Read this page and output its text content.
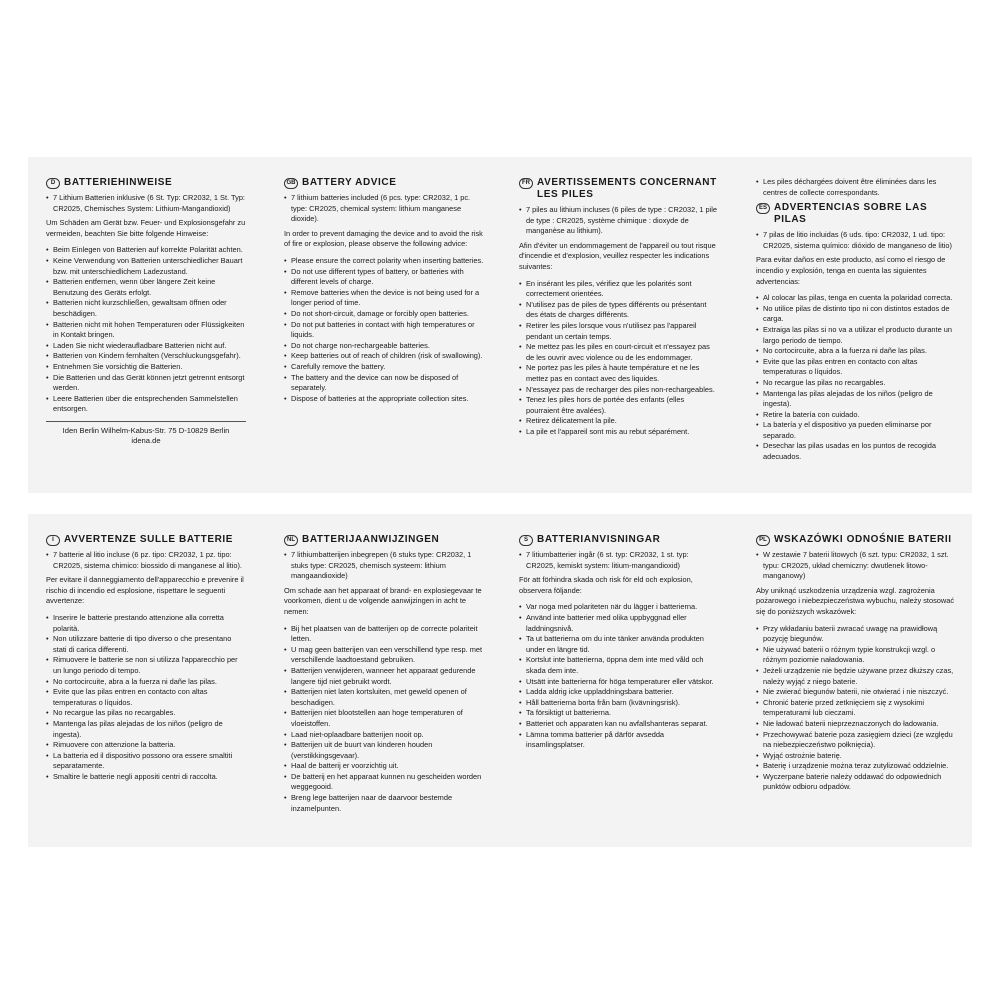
D BATTERIEHINWEISE
• 7 Lithium Batterien inklusive (6 St. Typ: CR2032, 1 St. Typ: CR2025, Chemisches System: Lithium-Mangandioxid)

Um Schäden am Gerät bzw. Feuer- und Explosionsgefahr zu vermeiden, beachten Sie bitte folgende Hinweise:

• Beim Einlegen von Batterien auf korrekte Polarität achten.
• Keine Verwendung von Batterien unterschiedlicher Bauart bzw. mit unterschiedlichem Ladezustand.
• Batterien entfernen, wenn über längere Zeit keine Benutzung des Geräts erfolgt.
• Batterien nicht kurzschließen, gewaltsam öffnen oder beschädigen.
• Batterien nicht mit hohen Temperaturen oder Flüssigkeiten in Kontakt bringen.
• Laden Sie nicht wiederaufladbare Batterien nicht auf.
• Batterien von Kindern fernhalten (Verschluckungsgefahr).
• Entnehmen Sie vorsichtig die Batterien.
• Die Batterien und das Gerät können jetzt getrennt entsorgt werden.
• Leere Batterien über die entsprechenden Sammelstellen entsorgen.
Iden Berlin Wilhelm-Kabus-Str. 75 D-10829 Berlin
idena.de
GB BATTERY ADVICE
• 7 lithium batteries included (6 pcs. type: CR2032, 1 pc. type: CR2025, chemical system: lithium manganese dioxide).

In order to prevent damaging the device and to avoid the risk of fire or explosion, please observe the following advice:

• Please ensure the correct polarity when inserting batteries.
• Do not use different types of battery, or batteries with different levels of charge.
• Remove batteries when the device is not being used for a longer period of time.
• Do not short-circuit, damage or forcibly open batteries.
• Do not put batteries in contact with high temperatures or liquids.
• Do not charge non-rechargeable batteries.
• Keep batteries out of reach of children (risk of swallowing).
• Carefully remove the battery.
• The battery and the device can now be disposed of separately.
• Dispose of batteries at the appropriate collection sites.
FR AVERTISSEMENTS CONCERNANT LES PILES
• 7 piles au lithium incluses (6 piles de type : CR2032, 1 pile de type : CR2025, système chimique : dioxyde de manganèse au lithium).

Afin d'éviter un endommagement de l'appareil ou tout risque d'incendie et d'explosion, veuillez respecter les indications suivantes:

• En insérant les piles, vérifiez que les polarités sont correctement orientées.
• N'utilisez pas de piles de types différents ou présentant des états de charges différents.
• Retirer les piles lorsque vous n'utilisez pas l'appareil pendant un certain temps.
• Ne mettez pas les piles en court-circuit et n'essayez pas de les ouvrir avec violence ou de les endommager.
• Ne portez pas les piles à haute température et ne les mettez pas en contact avec des liquides.
• N'essayez pas de recharger des piles non-rechargeables.
• Tenez les piles hors de portée des enfants (elles pourraient être avalées).
• Retirez délicatement la pile.
• La pile et l'appareil sont mis au rebut séparément.
• Les piles déchargées doivent être éliminées dans les centres de collecte correspondants.
ES ADVERTENCIAS SOBRE LAS PILAS
• 7 pilas de litio incluidas (6 uds. tipo: CR2032, 1 ud. tipo: CR2025, sistema químico: dióxido de manganeso de litio)

Para evitar daños en este producto, así como el riesgo de incendio y explosión, tenga en cuenta las siguientes advertencias:

• Al colocar las pilas, tenga en cuenta la polaridad correcta.
• No utilice pilas de distinto tipo ni con distintos estados de carga.
• Extraiga las pilas si no va a utilizar el producto durante un largo periodo de tiempo.
• No cortocircuite, abra a la fuerza ni dañe las pilas.
• Evite que las pilas entren en contacto con altas temperaturas o líquidos.
• No recargue las pilas no recargables.
• Mantenga las pilas alejadas de los niños (peligro de ingesta).
• Retire la batería con cuidado.
• La batería y el dispositivo ya pueden eliminarse por separado.
• Desechar las pilas usadas en los puntos de recogida adecuados.
I	AVVERTENZE SULLE BATTERIE
• 7 batterie al litio incluse (6 pz. tipo: CR2032, 1 pz. tipo: CR2025, sistema chimico: biossido di manganese al litio).

Per evitare il danneggiamento dell'apparecchio e prevenire il rischio di incendio ed esplosione, rispettare le seguenti avvertenze:

• Inserire le batterie prestando attenzione alla corretta polarità.
• Non utilizzare batterie di tipo diverso o che presentano stati di carica differenti.
• Rimuovere le batterie se non si utilizza l'apparecchio per un lungo periodo di tempo.
• No cortocircuite, abra a la fuerza ni dañe las pilas.
• Evite que las pilas entren en contacto con altas temperaturas o líquidos.
• No recargue las pilas no recargables.
• Mantenga las pilas alejadas de los niños (peligro de ingesta).
• Rimuovere con attenzione la batteria.
• La batteria ed il dispositivo possono ora essere smaltiti separatamente.
• Smaltire le batterie negli appositi centri di raccolta.
NL BATTERIJAANWIJZINGEN
• 7 lithiumbatterijen inbegrepen (6 stuks type: CR2032, 1 stuks type: CR2025, chemisch systeem: lithium mangaandioxide)

Om schade aan het apparaat of brand- en explosiegevaar te voorkomen, dient u de volgende aanwijzingen in acht te nemen:

• Bij het plaatsen van de batterijen op de correcte polariteit letten.
• U mag geen batterijen van een verschillend type resp. met verschillende laadtoestand gebruiken.
• Batterijen verwijderen, wanneer het apparaat gedurende langere tijd niet gebruikt wordt.
• Batterijen niet laten kortsluiten, met geweld openen of beschadigen.
• Batterijen niet blootstellen aan hoge temperaturen of vloeistoffen.
• Laad niet-oplaadbare batterijen nooit op.
• Batterijen uit de buurt van kinderen houden (verstikkingsgevaar).
• Haal de batterij er voorzichtig uit.
• De batterij en het apparaat kunnen nu gescheiden worden weggegooid.
• Breng lege batterijen naar de daarvoor bestemde inzamelpunten.
S BATTERIANVISNINGAR
• 7 litiumbatterier ingår (6 st. typ: CR2032, 1 st. typ: CR2025, kemiskt system: litium-mangandioxid)

För att förhindra skada och risk för eld och explosion, observera följande:

• Var noga med polariteten när du lägger i batterierna.
• Använd inte batterier med olika uppbyggnad eller laddningsnivå.
• Ta ut batterierna om du inte tänker använda produkten under en längre tid.
• Kortslut inte batterierna, öppna dem inte med våld och skada dem inte.
• Utsätt inte batterierna för höga temperaturer eller vätskor.
• Ladda aldrig icke uppladdningsbara batterier.
• Håll batterierna borta från barn (kvävningsrisk).
• Ta försiktigt ut batterierna.
• Batteriet och apparaten kan nu avfallshanteras separat.
• Lämna tomma batterier på därför avsedda insamlingsplatser.
PL WSKAZÓWKI ODNOŚNIE BATERII
• W zestawie 7 baterii litowych (6 szt. typu: CR2032, 1 szt. typu: CR2025, układ chemiczny: dwutlenek litowo-manganowy)

Aby uniknąć uszkodzenia urządzenia wzgl. zagrożenia pożarowego i niebezpieczeństwa wybuchu, należy stosować się do poniższych wskazówek:

• Przy wkładaniu baterii zwracać uwagę na prawidłową pozycję biegunów.
• Nie używać baterii o różnym typie konstrukcji wzgl. o różnym poziomie naładowania.
• Jeżeli urządzenie nie będzie używane przez dłuższy czas, należy wyjąć z niego baterie.
• Nie zwierać biegunów baterii, nie otwierać i nie niszczyć.
• Chronić baterie przed zetknięciem się z wysokimi temperaturami lub cieczami.
• Nie ładować baterii nieprzeznaczonych do ładowania.
• Przechowywać baterie poza zasięgiem dzieci (ze względu na niebezpieczeństwo połknięcia).
• Wyjąć ostrożnie baterię.
• Baterię i urządzenie można teraz zutylizować oddzielnie.
• Wyczerpane baterie należy oddawać do odpowiednich punktów odbioru odpadów.
